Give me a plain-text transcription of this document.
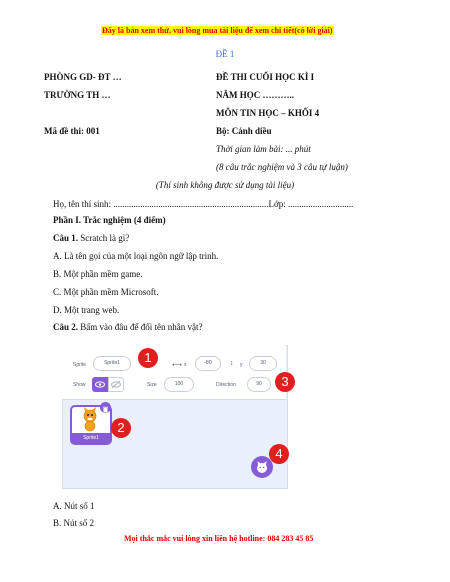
Đây là bản xem thử, vui lòng mua tài liệu để xem chi tiết(có lời giải)
ĐỀ 1
PHÒNG GD- ĐT …	ĐỀ THI CUỐI HỌC KÌ I
TRƯỜNG TH …	NĂM HỌC ………..
MÔN TIN HỌC – KHỐI 4
Mã đề thi: 001	Bộ: Cánh diều
Thời gian làm bài: ... phút
(8 câu trắc nghiệm và 3 câu tự luận)
(Thí sinh không được sử dụng tài liệu)
Họ, tên thí sinh: .....................................................................Lớp: .............................
Phần I. Trắc nghiệm (4 điểm)
Câu 1. Scratch là gì?
A. Là tên gọi của một loại ngôn ngữ lập trình.
B. Một phần mềm game.
C. Một phần mềm Microsoft.
D. Một trang web.
Câu 2. Bấm vào đâu để đổi tên nhân vật?
Sprite	Sprite1	1
⟷ x	-80	↕ y	30
Show	Size	100	Direction	90	3
Sprite1
2
4
A. Nút số 1
B. Nút số 2
Mọi thắc mắc vui lòng xin liên hệ hotline: 084 283 45 85
